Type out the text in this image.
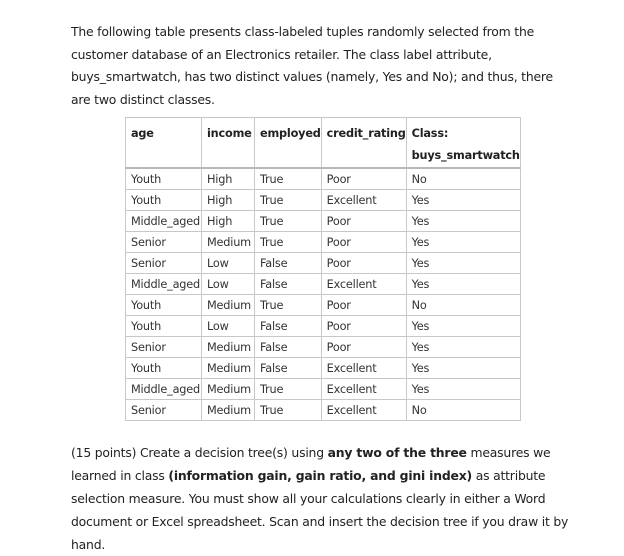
The following table presents class-labeled tuples randomly selected from the customer database of an Electronics retailer. The class label attribute, buys_smartwatch, has two distinct values (namely, Yes and No); and thus, there are two distinct classes.

age	income	employed	credit_rating	Class:
buys_smartwatch
Youth	High	True	Poor	No
Youth	High	True	Excellent	Yes
Middle_aged	High	True	Poor	Yes
Senior	Medium	True	Poor	Yes
Senior	Low	False	Poor	Yes
Middle_aged	Low	False	Excellent	Yes
Youth	Medium	True	Poor	No
Youth	Low	False	Poor	Yes
Senior	Medium	False	Poor	Yes
Youth	Medium	False	Excellent	Yes
Middle_aged	Medium	True	Excellent	Yes
Senior	Medium	True	Excellent	No

(15 points) Create a decision tree(s) using any two of the three measures we learned in class (information gain, gain ratio, and gini index) as attribute selection measure. You must show all your calculations clearly in either a Word document or Excel spreadsheet. Scan and insert the decision tree if you draw it by hand.
